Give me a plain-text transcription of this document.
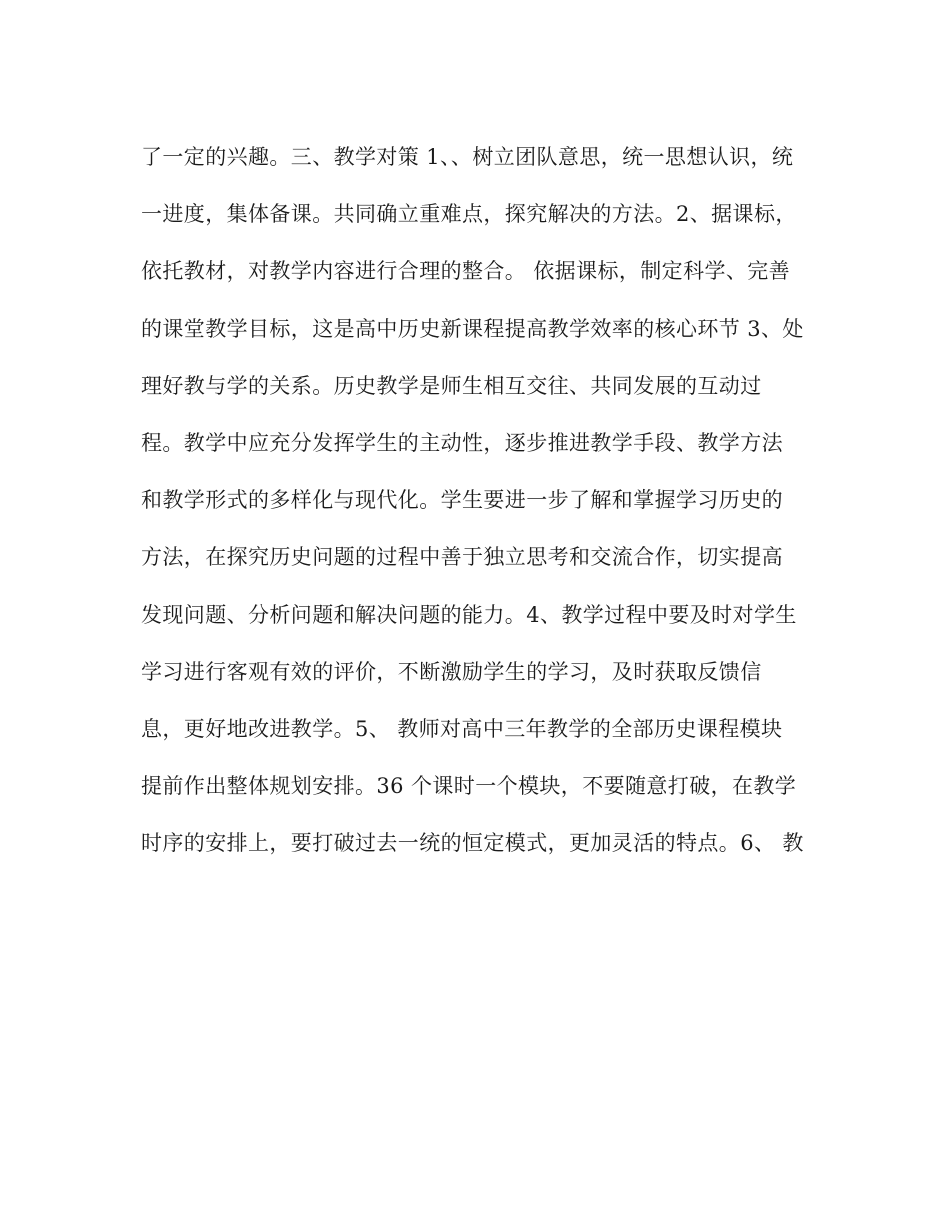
了一定的兴趣。三、教学对策 1、、树立团队意思，统一思想认识，统
一进度，集体备课。共同确立重难点，探究解决的方法。2、据课标，
依托教材，对教学内容进行合理的整合。 依据课标，制定科学、完善
的课堂教学目标，这是高中历史新课程提高教学效率的核心环节 3、处
理好教与学的关系。历史教学是师生相互交往、共同发展的互动过
程。教学中应充分发挥学生的主动性，逐步推进教学手段、教学方法
和教学形式的多样化与现代化。学生要进一步了解和掌握学习历史的
方法，在探究历史问题的过程中善于独立思考和交流合作，切实提高
发现问题、分析问题和解决问题的能力。4、教学过程中要及时对学生
学习进行客观有效的评价，不断激励学生的学习，及时获取反馈信
息，更好地改进教学。5、 教师对高中三年教学的全部历史课程模块
提前作出整体规划安排。36 个课时一个模块，不要随意打破，在教学
时序的安排上，要打破过去一统的恒定模式，更加灵活的特点。6、 教
